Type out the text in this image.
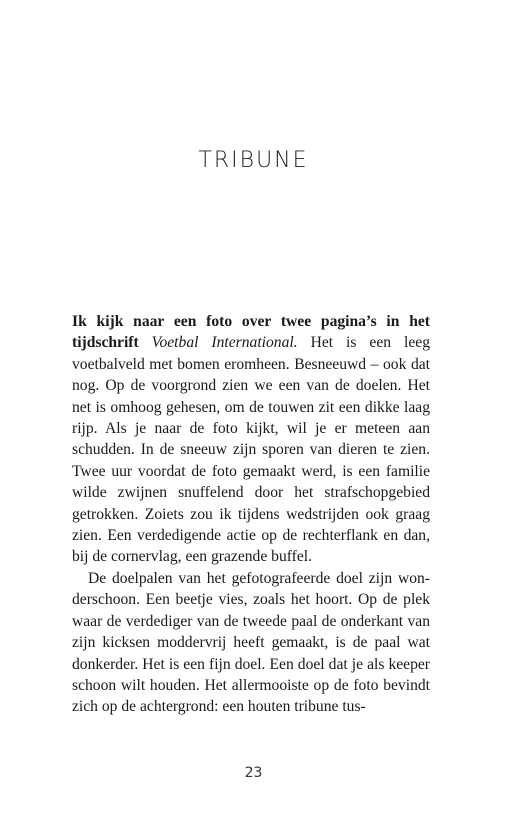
TRIBUNE

Ik kijk naar een foto over twee pagina’s in het tijdschrift Voetbal International. Het is een leeg voetbalveld met bomen eromheen. Besneeuwd – ook dat nog. Op de voorgrond zien we een van de doelen. Het net is omhoog gehesen, om de touwen zit een dikke laag rijp. Als je naar de foto kijkt, wil je er meteen aan schudden. In de sneeuw zijn sporen van dieren te zien. Twee uur voordat de foto gemaakt werd, is een familie wilde zwijnen snuffelend door het strafschopgebied getrokken. Zoiets zou ik tijdens wedstrijden ook graag zien. Een verdedigende actie op de rechterflank en dan, bij de cornervlag, een grazende buffel.

De doelpalen van het gefotografeerde doel zijn wonderschoon. Een beetje vies, zoals het hoort. Op de plek waar de verdediger van de tweede paal de onderkant van zijn kicksen moddervrij heeft gemaakt, is de paal wat donkerder. Het is een fijn doel. Een doel dat je als keeper schoon wilt houden. Het allermooiste op de foto bevindt zich op de achtergrond: een houten tribune tus-

23
